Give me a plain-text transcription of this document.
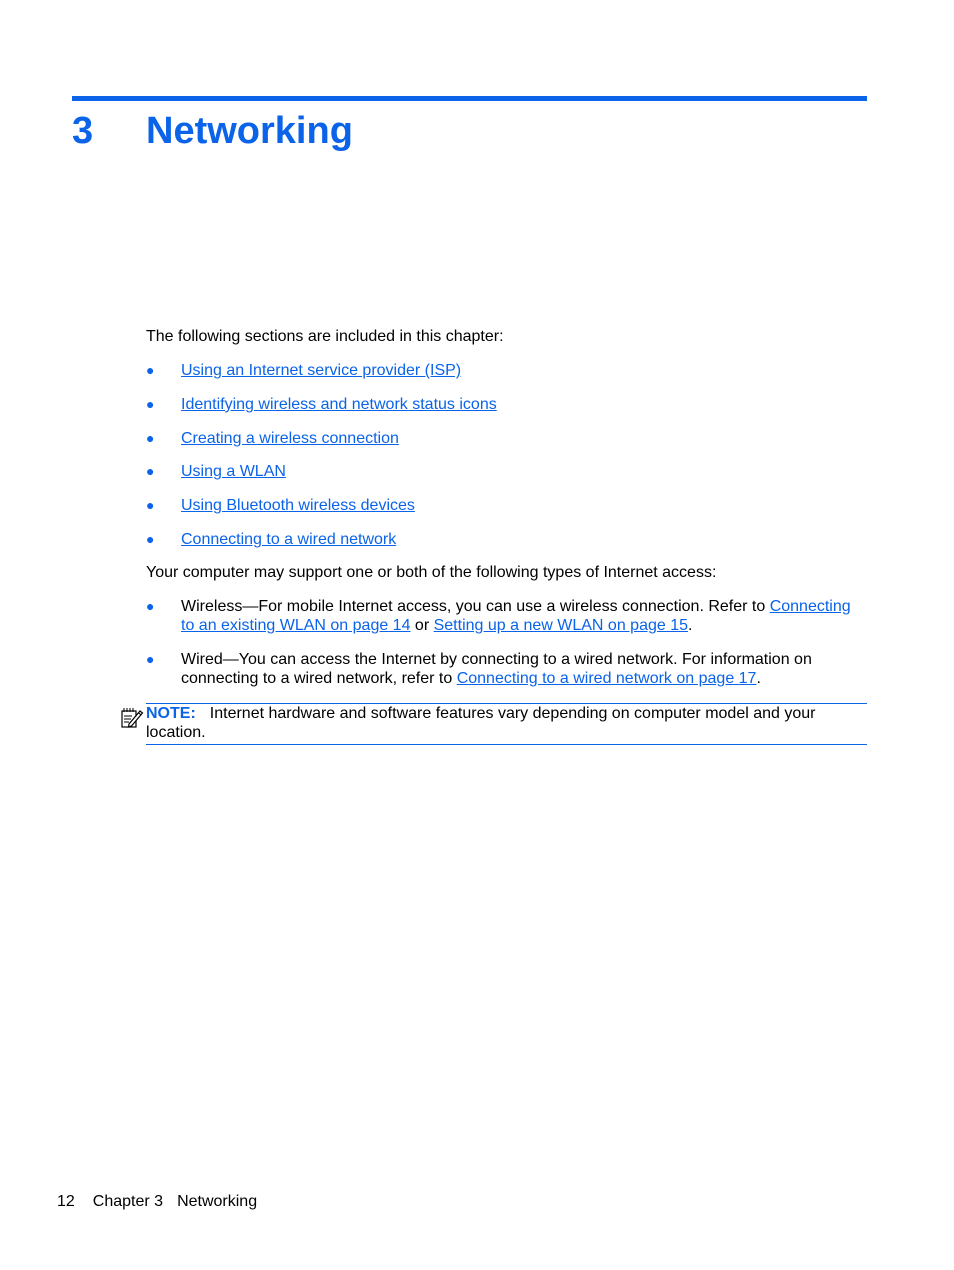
3 Networking

The following sections are included in this chapter:

● Using an Internet service provider (ISP)
● Identifying wireless and network status icons
● Creating a wireless connection
● Using a WLAN
● Using Bluetooth wireless devices
● Connecting to a wired network

Your computer may support one or both of the following types of Internet access:

● Wireless—For mobile Internet access, you can use a wireless connection. Refer to Connecting to an existing WLAN on page 14 or Setting up a new WLAN on page 15.
● Wired—You can access the Internet by connecting to a wired network. For information on connecting to a wired network, refer to Connecting to a wired network on page 17.
NOTE: Internet hardware and software features vary depending on computer model and your location.
12 Chapter 3 Networking
